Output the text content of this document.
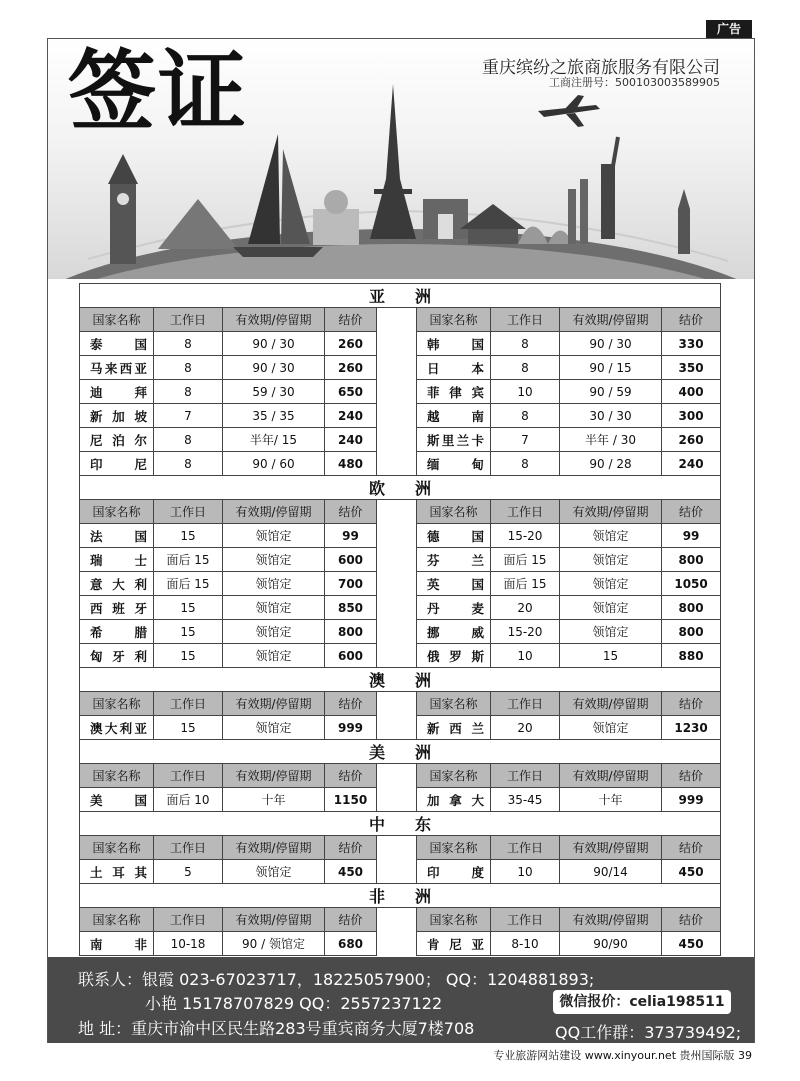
广告
签证	重庆缤纷之旅商旅服务有限公司
工商注册号：500103003589905
亚洲								
国家名称	工作日	有效期/停留期	结价		国家名称	工作日	有效期/停留期	结价
泰国	8	90 / 30	260		韩国	8	90 / 30	330
马来西亚	8	90 / 30	260		日本	8	90 / 15	350
迪拜	8	59 / 30	650		菲律宾	10	90 / 59	400
新加坡	7	35 / 35	240		越南	8	30 / 30	300
尼泊尔	8	半年/ 15	240		斯里兰卡	7	半年 / 30	260
印尼	8	90 / 60	480		缅甸	8	90 / 28	240
欧洲								
国家名称	工作日	有效期/停留期	结价		国家名称	工作日	有效期/停留期	结价
法国	15	领馆定	99		德国	15-20	领馆定	99
瑞士	面后 15	领馆定	600		芬兰	面后 15	领馆定	800
意大利	面后 15	领馆定	700		英国	面后 15	领馆定	1050
西班牙	15	领馆定	850		丹麦	20	领馆定	800
希腊	15	领馆定	800		挪威	15-20	领馆定	800
匈牙利	15	领馆定	600		俄罗斯	10	15	880
澳洲								
国家名称	工作日	有效期/停留期	结价		国家名称	工作日	有效期/停留期	结价
澳大利亚	15	领馆定	999		新西兰	20	领馆定	1230
美洲								
国家名称	工作日	有效期/停留期	结价		国家名称	工作日	有效期/停留期	结价
美国	面后 10	十年	1150		加拿大	35-45	十年	999
中东								
国家名称	工作日	有效期/停留期	结价		国家名称	工作日	有效期/停留期	结价
土耳其	5	领馆定	450		印度	10	90/14	450
非洲								
国家名称	工作日	有效期/停留期	结价		国家名称	工作日	有效期/停留期	结价
南非	10-18	90 / 领馆定	680		肯尼亚	8-10	90/90	450
联系人：银霞 023-67023717，18225057900； QQ：1204881893;
小艳 15178707829 QQ：2557237122
地 址：重庆市渝中区民生路283号重宾商务大厦7楼708
微信报价：celia198511
QQ工作群：373739492;
专业旅游网站建设 www.xinyour.net 贵州国际版 39
